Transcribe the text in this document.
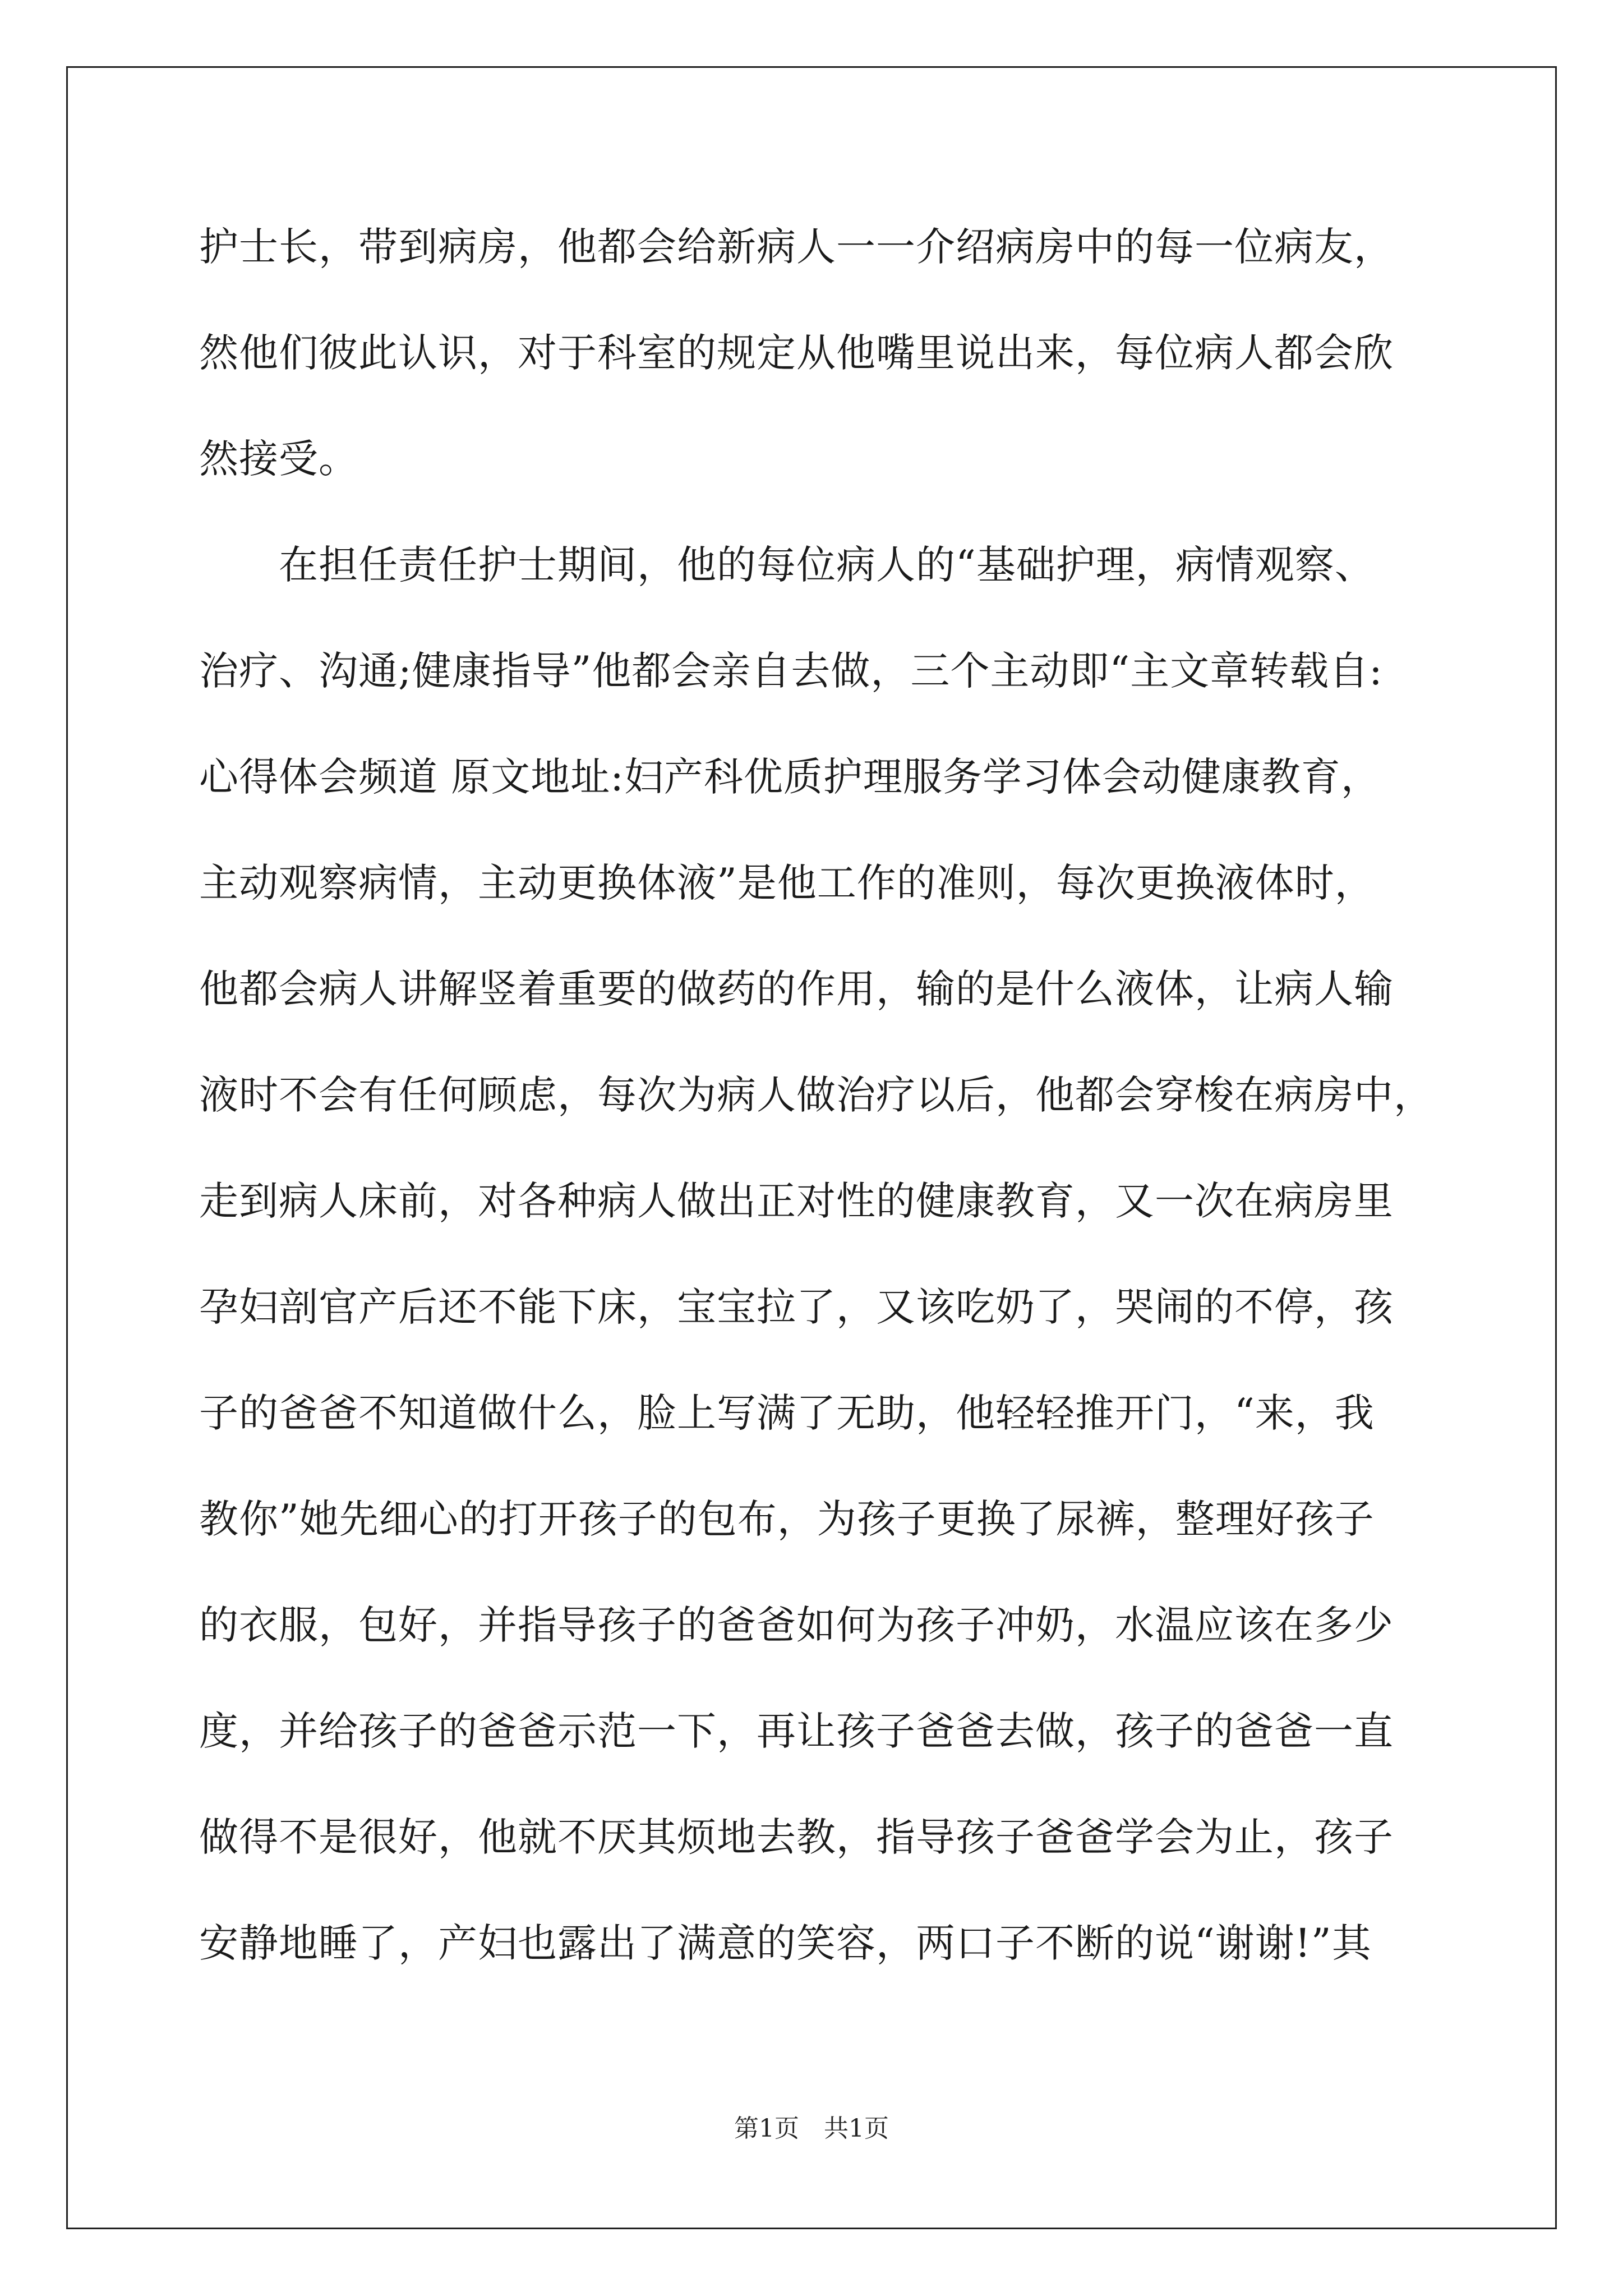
护士长，带到病房，他都会给新病人一一介绍病房中的每一位病友，
然他们彼此认识，对于科室的规定从他嘴里说出来，每位病人都会欣
然接受。
　　在担任责任护士期间，他的每位病人的“基础护理，病情观察、
治疗、沟通;健康指导”他都会亲自去做，三个主动即“主文章转载自:
心得体会频道 原文地址:妇产科优质护理服务学习体会动健康教育，
主动观察病情，主动更换体液”是他工作的准则，每次更换液体时，
他都会病人讲解竖着重要的做药的作用，输的是什么液体，让病人输
液时不会有任何顾虑，每次为病人做治疗以后，他都会穿梭在病房中，
走到病人床前，对各种病人做出正对性的健康教育，又一次在病房里
孕妇剖官产后还不能下床，宝宝拉了，又该吃奶了，哭闹的不停，孩
子的爸爸不知道做什么，脸上写满了无助，他轻轻推开门，“来，我
教你”她先细心的打开孩子的包布，为孩子更换了尿裤，整理好孩子
的衣服，包好，并指导孩子的爸爸如何为孩子冲奶，水温应该在多少
度，并给孩子的爸爸示范一下，再让孩子爸爸去做，孩子的爸爸一直
做得不是很好，他就不厌其烦地去教，指导孩子爸爸学会为止，孩子
安静地睡了，产妇也露出了满意的笑容，两口子不断的说“谢谢!”其
第1页　共1页
